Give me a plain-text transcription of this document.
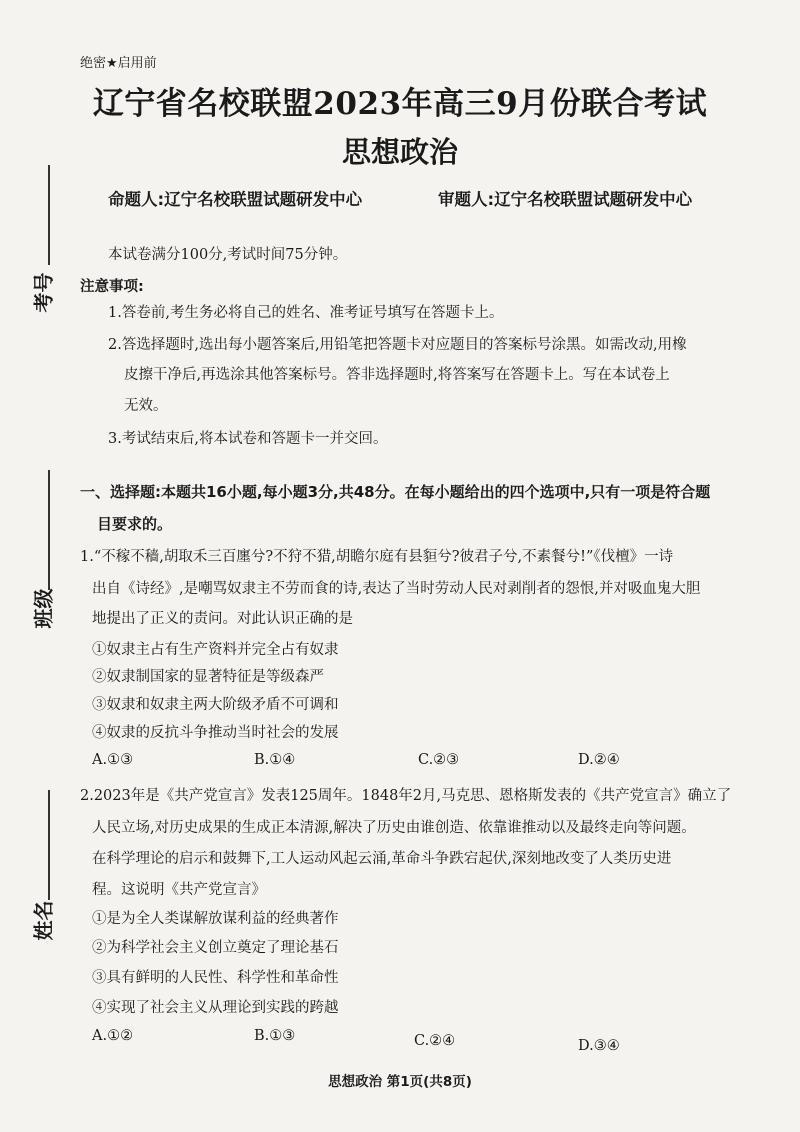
考号
班级
姓名
绝密★启用前
辽宁省名校联盟2023年高三9月份联合考试
思想政治
命题人:辽宁名校联盟试题研发中心	审题人:辽宁名校联盟试题研发中心
本试卷满分100分,考试时间75分钟。
注意事项:
1.答卷前,考生务必将自己的姓名、准考证号填写在答题卡上。
2.答选择题时,选出每小题答案后,用铅笔把答题卡对应题目的答案标号涂黑。如需改动,用橡
皮擦干净后,再选涂其他答案标号。答非选择题时,将答案写在答题卡上。写在本试卷上
无效。
3.考试结束后,将本试卷和答题卡一并交回。
一、选择题:本题共16小题,每小题3分,共48分。在每小题给出的四个选项中,只有一项是符合题
目要求的。
1.“不稼不穑,胡取禾三百廛兮?不狩不猎,胡瞻尔庭有县貆兮?彼君子兮,不素餐兮!”《伐檀》一诗
出自《诗经》,是嘲骂奴隶主不劳而食的诗,表达了当时劳动人民对剥削者的怨恨,并对吸血鬼大胆
地提出了正义的责问。对此认识正确的是
①奴隶主占有生产资料并完全占有奴隶
②奴隶制国家的显著特征是等级森严
③奴隶和奴隶主两大阶级矛盾不可调和
④奴隶的反抗斗争推动当时社会的发展
A.①③	B.①④	C.②③	D.②④
2.2023年是《共产党宣言》发表125周年。1848年2月,马克思、恩格斯发表的《共产党宣言》确立了
人民立场,对历史成果的生成正本清源,解决了历史由谁创造、依靠谁推动以及最终走向等问题。
在科学理论的启示和鼓舞下,工人运动风起云涌,革命斗争跌宕起伏,深刻地改变了人类历史进
程。这说明《共产党宣言》
①是为全人类谋解放谋利益的经典著作
②为科学社会主义创立奠定了理论基石
③具有鲜明的人民性、科学性和革命性
④实现了社会主义从理论到实践的跨越
A.①②	B.①③	C.②④	D.③④
思想政治 第1页(共8页)
